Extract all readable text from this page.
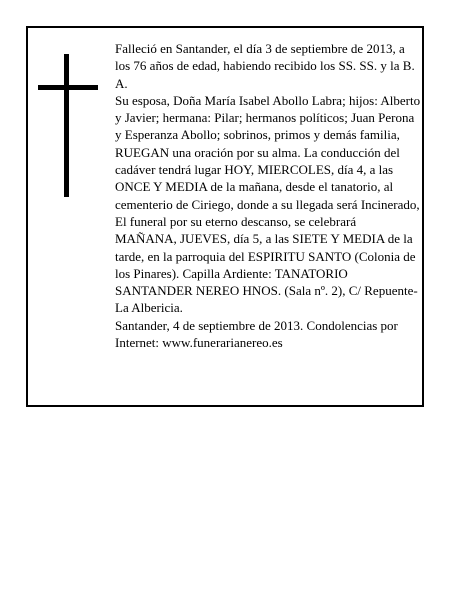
Falleció en Santander, el día 3 de septiembre de 2013, a los 76 años de edad, habiendo recibido los SS. SS. y la B. A.

Su esposa, Doña María Isabel Abollo Labra; hijos: Alberto y Javier; hermana: Pilar; hermanos políticos; Juan Perona y Esperanza Abollo; sobrinos, primos y demás familia,

RUEGAN una oración por su alma. La conducción del cadáver tendrá lugar HOY, MIERCOLES, día 4, a las ONCE Y MEDIA de la mañana, desde el tanatorio, al cementerio de Ciriego, donde a su llegada será Incinerado, El funeral por su eterno descanso, se celebrará MAÑANA, JUEVES, día 5, a las SIETE Y MEDIA de la tarde, en la parroquia del ESPIRITU SANTO (Colonia de los Pinares). Capilla Ardiente: TANATORIO SANTANDER NEREO HNOS. (Sala nº. 2), C/ Repuente-La Albericia.

Santander, 4 de septiembre de 2013. Condolencias por Internet: www.funerarianereo.es
